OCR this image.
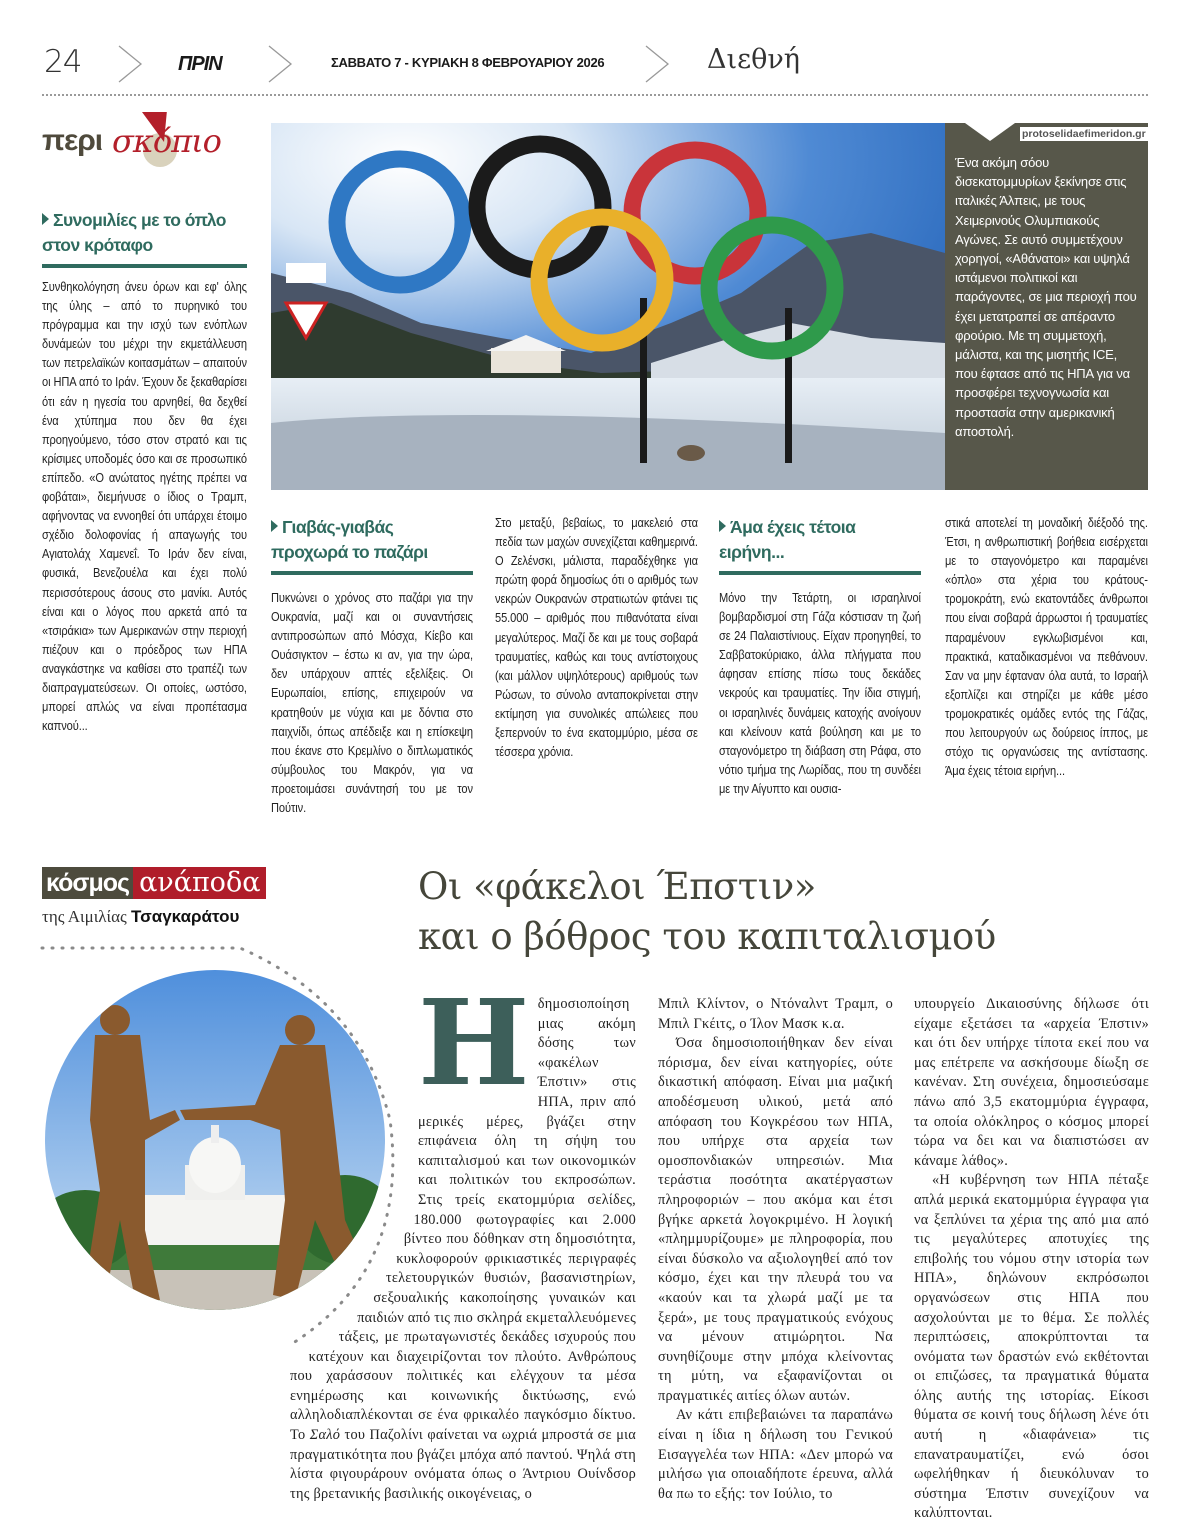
24	ΠΡΙΝ	ΣΑΒΒΑΤΟ 7 - ΚΥΡΙΑΚΗ 8 ΦΕΒΡΟΥΑΡΙΟΥ 2026	Διεθνή
περι σκόπιο
Συνομιλίες με το όπλο στον κρόταφο
Συνθηκολόγηση άνευ όρων και εφ' όλης της ύλης – από το πυρηνικό του πρόγραμμα και την ισχύ των ενόπλων δυνάμεών του μέχρι την εκμετάλλευση των πετρελαϊκών κοιτασμάτων – απαιτούν οι ΗΠΑ από το Ιράν. Έχουν δε ξεκαθαρίσει ότι εάν η ηγεσία του αρνηθεί, θα δεχθεί ένα χτύπημα που δεν θα έχει προηγούμενο, τόσο στον στρατό και τις κρίσιμες υποδομές όσο και σε προσωπικό επίπεδο. «Ο ανώτατος ηγέτης πρέπει να φοβάται», διεμήνυσε ο ίδιος ο Τραμπ, αφήνοντας να εννοηθεί ότι υπάρχει έτοιμο σχέδιο δολοφονίας ή απαγωγής του Αγιατολάχ Χαμενεΐ. Το Ιράν δεν είναι, φυσικά, Βενεζουέλα και έχει πολύ περισσότερους άσους στο μανίκι. Αυτός είναι και ο λόγος που αρκετά από τα «τσιράκια» των Αμερικανών στην περιοχή πιέζουν και ο πρόεδρος των ΗΠΑ αναγκάστηκε να καθίσει στο τραπέζι των διαπραγματεύσεων. Οι οποίες, ωστόσο, μπορεί απλώς να είναι προπέτασμα καπνού...
Ένα ακόμη σόου δισεκατομμυρίων ξεκίνησε στις ιταλικές Άλπεις, με τους Χειμερινούς Ολυμπιακούς Αγώνες. Σε αυτό συμμετέχουν χορηγοί, «Αθάνατοι» και υψηλά ιστάμενοι πολιτικοί και παράγοντες, σε μια περιοχή που έχει μετατραπεί σε απέραντο φρούριο. Με τη συμμετοχή, μάλιστα, και της μισητής ICE, που έφτασε από τις ΗΠΑ για να προσφέρει τεχνογνωσία και προστασία στην αμερικανική αποστολή.
protoselidaefimeridon.gr
Γιαβάς-γιαβάς προχωρά το παζάρι
Πυκνώνει ο χρόνος στο παζάρι για την Ουκρανία, μαζί και οι συναντήσεις αντιπροσώπων από Μόσχα, Κίεβο και Ουάσιγκτον – έστω κι αν, για την ώρα, δεν υπάρχουν απτές εξελίξεις. Οι Ευρωπαίοι, επίσης, επιχειρούν να κρατηθούν με νύχια και με δόντια στο παιχνίδι, όπως απέδειξε και η επίσκεψη που έκανε στο Κρεμλίνο ο διπλωματικός σύμβουλος του Μακρόν, για να προετοιμάσει συνάντησή του με τον Πούτιν.
Στο μεταξύ, βεβαίως, το μακελειό στα πεδία των μαχών συνεχίζεται καθημερινά. Ο Ζελένσκι, μάλιστα, παραδέχθηκε για πρώτη φορά δημοσίως ότι ο αριθμός των νεκρών Ουκρανών στρατιωτών φτάνει τις 55.000 – αριθμός που πιθανότατα είναι μεγαλύτερος. Μαζί δε και με τους σοβαρά τραυματίες, καθώς και τους αντίστοιχους (και μάλλον υψηλότερους) αριθμούς των Ρώσων, το σύνολο ανταποκρίνεται στην εκτίμηση για συνολικές απώλειες που ξεπερνούν το ένα εκατομμύριο, μέσα σε τέσσερα χρόνια.
Άμα έχεις τέτοια ειρήνη...
Μόνο την Τετάρτη, οι ισραηλινοί βομβαρδισμοί στη Γάζα κόστισαν τη ζωή σε 24 Παλαιστίνιους. Είχαν προηγηθεί, το Σαββατοκύριακο, άλλα πλήγματα που άφησαν επίσης πίσω τους δεκάδες νεκρούς και τραυματίες. Την ίδια στιγμή, οι ισραηλινές δυνάμεις κατοχής ανοίγουν και κλείνουν κατά βούληση και με το σταγονόμετρο τη διάβαση στη Ράφα, στο νότιο τμήμα της Λωρίδας, που τη συνδέει με την Αίγυπτο και ουσια-
στικά αποτελεί τη μοναδική διέξοδό της. Έτσι, η ανθρωπιστική βοήθεια εισέρχεται με το σταγονόμετρο και παραμένει «όπλο» στα χέρια του κράτους-τρομοκράτη, ενώ εκατοντάδες άνθρωποι που είναι σοβαρά άρρωστοι ή τραυματίες παραμένουν εγκλωβισμένοι και, πρακτικά, καταδικασμένοι να πεθάνουν. Σαν να μην έφταναν όλα αυτά, το Ισραήλ εξοπλίζει και στηρίζει με κάθε μέσο τρομοκρατικές ομάδες εντός της Γάζας, που λειτουργούν ως δούρειος ίππος, με στόχο τις οργανώσεις της αντίστασης. Άμα έχεις τέτοια ειρήνη...
κόσμος ανάποδα
της Αιμιλίας Τσαγκαράτου
Οι «φάκελοι Έπστιν»
και ο βόθρος του καπιταλισμού
Η δημοσιοποίηση μιας ακόμη δόσης των «φακέλων Έπστιν» στις ΗΠΑ, πριν από μερικές μέρες, βγάζει στην επιφάνεια όλη τη σήψη του καπιταλισμού και των οικονομικών και πολιτικών του εκπροσώπων. Στις τρείς εκατομμύρια σελίδες, 180.000 φωτογραφίες και 2.000 βίντεο που δόθηκαν στη δημοσιότητα, κυκλοφορούν φρικιαστικές περιγραφές τελετουργικών θυσιών, βασανιστηρίων, σεξουαλικής κακοποίησης γυναικών και παιδιών από τις πιο σκληρά εκμεταλλευόμενες τάξεις, με πρωταγωνιστές δεκάδες ισχυρούς που κατέχουν και διαχειρίζονται τον πλούτο. Ανθρώπους που χαράσσουν πολιτικές και ελέγχουν τα μέσα ενημέρωσης και κοινωνικής δικτύωσης, ενώ αλληλοδιαπλέκονται σε ένα φρικαλέο παγκόσμιο δίκτυο. Το Σαλό του Παζολίνι φαίνεται να ωχριά μπροστά σε μια πραγματικότητα που βγάζει μπόχα από παντού. Ψηλά στη λίστα φιγουράρουν ονόματα όπως ο Άντριου Ουίνδσορ της βρετανικής βασιλικής οικογένειας, ο

Μπιλ Κλίντον, ο Ντόναλντ Τραμπ, ο Μπιλ Γκέιτς, ο Ίλον Μασκ κ.α.

Όσα δημοσιοποιήθηκαν δεν είναι πόρισμα, δεν είναι κατηγορίες, ούτε δικαστική απόφαση. Είναι μια μαζική αποδέσμευση υλικού, μετά από απόφαση του Κογκρέσου των ΗΠΑ, που υπήρχε στα αρχεία των ομοσπονδιακών υπηρεσιών. Μια τεράστια ποσότητα ακατέργαστων πληροφοριών – που ακόμα και έτσι βγήκε αρκετά λογοκριμένο. Η λογική «πλημμυρίζουμε» με πληροφορία, που είναι δύσκολο να αξιολογηθεί από τον κόσμο, έχει και την πλευρά του να «καούν και τα χλωρά μαζί με τα ξερά», με τους πραγματικούς ενόχους να μένουν ατιμώρητοι. Να συνηθίζουμε στην μπόχα κλείνοντας τη μύτη, να εξαφανίζονται οι πραγματικές αιτίες όλων αυτών.

Αν κάτι επιβεβαιώνει τα παραπάνω είναι η ίδια η δήλωση του Γενικού Εισαγγελέα των ΗΠΑ: «Δεν μπορώ να μιλήσω για οποιαδήποτε έρευνα, αλλά θα πω το εξής: τον Ιούλιο, το

υπουργείο Δικαιοσύνης δήλωσε ότι είχαμε εξετάσει τα «αρχεία Έπστιν» και ότι δεν υπήρχε τίποτα εκεί που να μας επέτρεπε να ασκήσουμε δίωξη σε κανέναν. Στη συνέχεια, δημοσιεύσαμε πάνω από 3,5 εκατομμύρια έγγραφα, τα οποία ολόκληρος ο κόσμος μπορεί τώρα να δει και να διαπιστώσει αν κάναμε λάθος».

«Η κυβέρνηση των ΗΠΑ πέταξε απλά μερικά εκατομμύρια έγγραφα για να ξεπλύνει τα χέρια της από μια από τις μεγαλύτερες αποτυχίες της επιβολής του νόμου στην ιστορία των ΗΠΑ», δηλώνουν εκπρόσωποι οργανώσεων στις ΗΠΑ που ασχολούνται με το θέμα. Σε πολλές περιπτώσεις, αποκρύπτονται τα ονόματα των δραστών ενώ εκθέτονται οι επιζώσες, τα πραγματικά θύματα όλης αυτής της ιστορίας. Είκοσι θύματα σε κοινή τους δήλωση λένε ότι αυτή η «διαφάνεια» τις επανατραυματίζει, ενώ όσοι ωφελήθηκαν ή διευκόλυναν το σύστημα Έπστιν συνεχίζουν να καλύπτονται.
